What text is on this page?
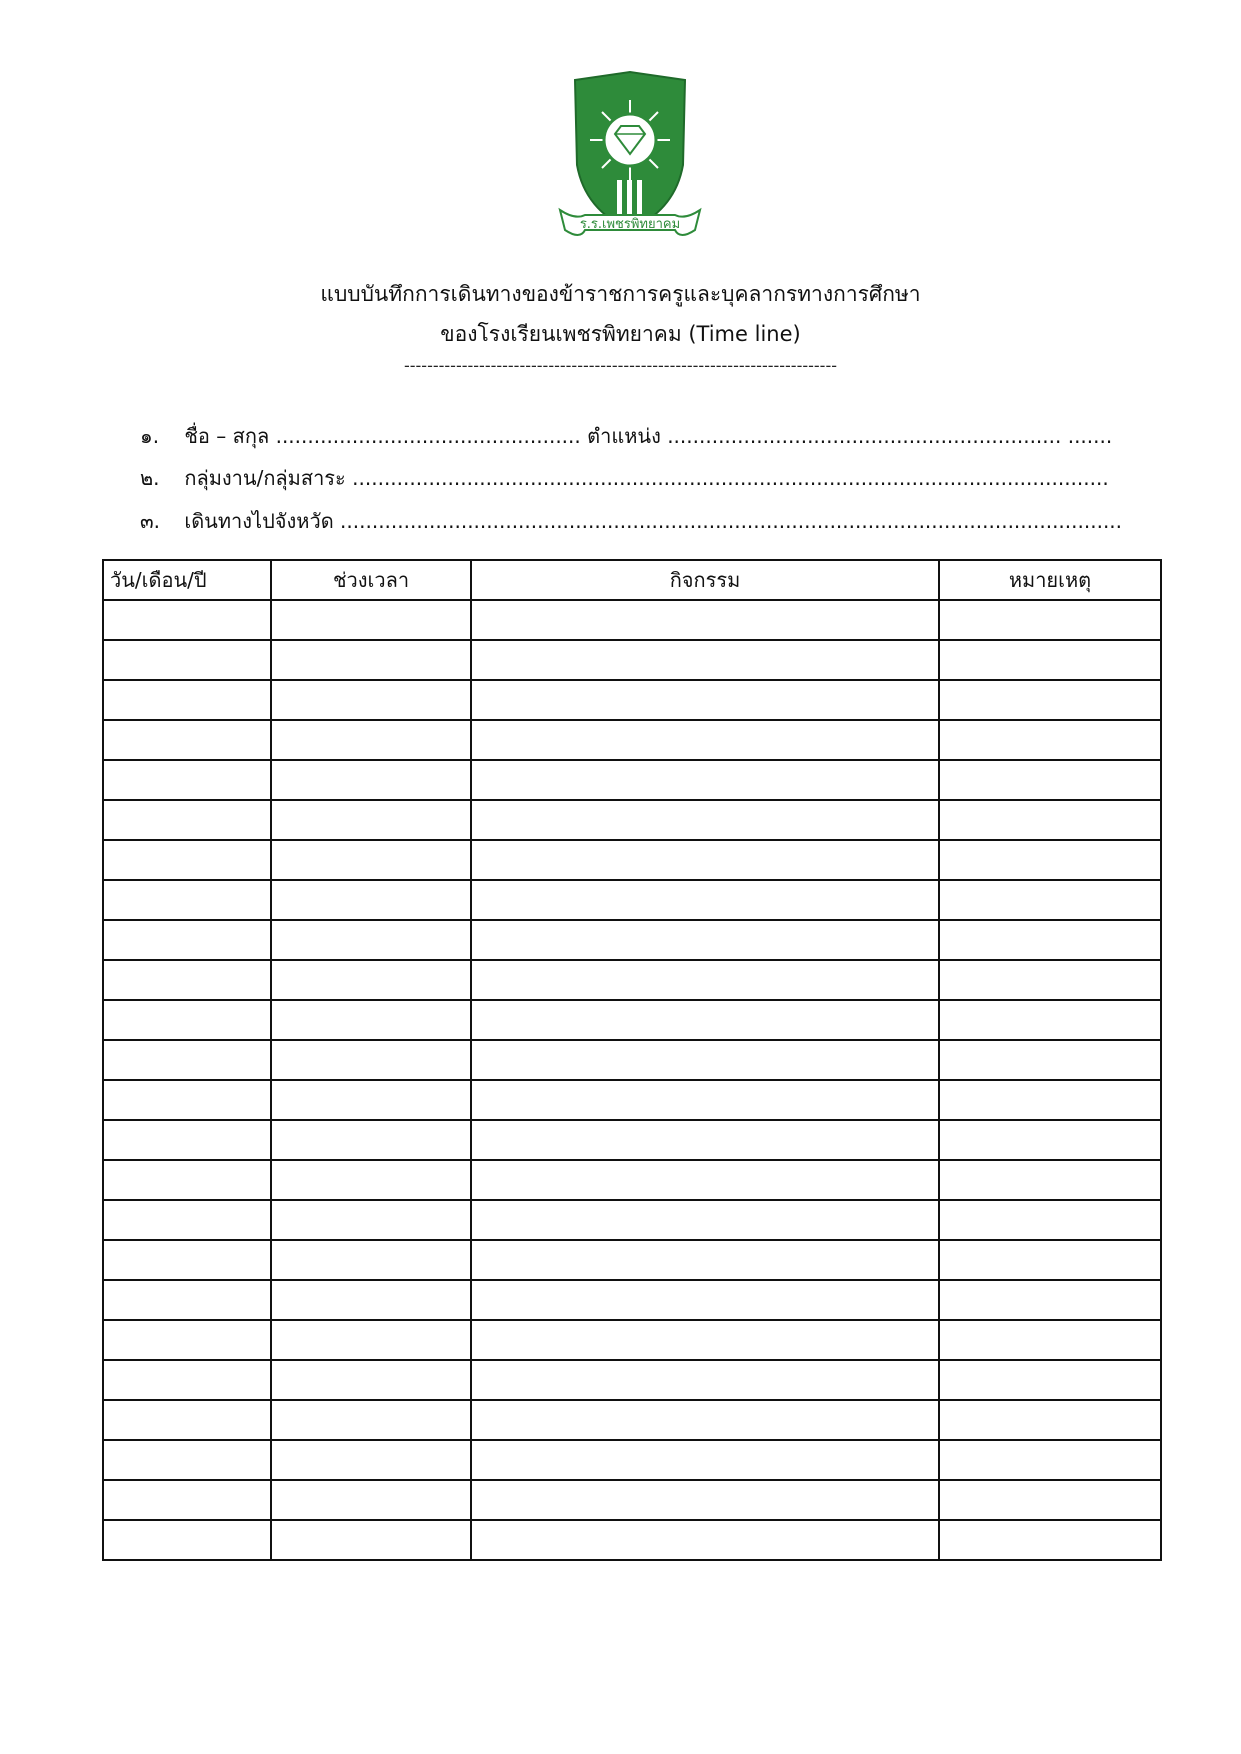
ร.ร.เพชรพิทยาคม
แบบบันทึกการเดินทางของข้าราชการครูและบุคลากรทางการศึกษา
ของโรงเรียนเพชรพิทยาคม (Time line)
---------------------------------------------------------------------------
๑. ชื่อ – สกุล ................................................ ตำแหน่ง .............................................................. .......
๒. กลุ่มงาน/กลุ่มสาระ .......................................................................................................................
๓. เดินทางไปจังหวัด ...........................................................................................................................
วัน/เดือน/ปี	ช่วงเวลา	กิจกรรม	หมายเหตุ
